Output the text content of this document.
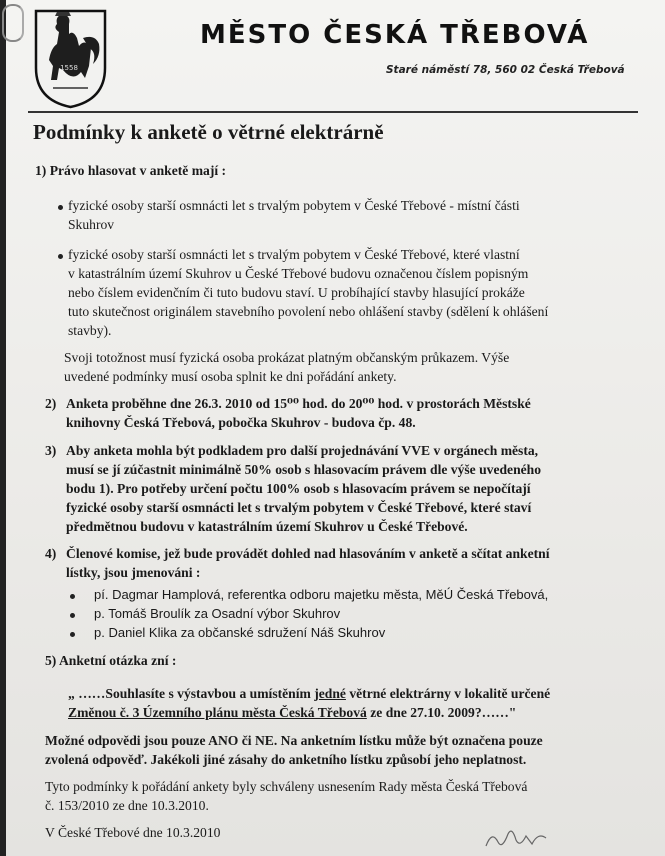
1558
MĚSTO ČESKÁ TŘEBOVÁ
Staré náměstí 78, 560 02 Česká Třebová
Podmínky k anketě o větrné elektrárně
1) Právo hlasovat v anketě mají :
fyzické osoby starší osmnácti let s trvalým pobytem v České Třebové - místní části
Skuhrov
fyzické osoby starší osmnácti let s trvalým pobytem v České Třebové, které vlastní
v katastrálním území Skuhrov u České Třebové budovu označenou číslem popisným
nebo číslem evidenčním či tuto budovu staví. U probíhající stavby hlasující prokáže
tuto skutečnost originálem stavebního povolení nebo ohlášení stavby (sdělení k ohlášení
stavby).
Svoji totožnost musí fyzická osoba prokázat platným občanským průkazem. Výše
uvedené podmínky musí osoba splnit ke dni pořádání ankety.
2) Anketa proběhne dne 26.3. 2010 od 15⁰⁰ hod. do 20⁰⁰ hod. v prostorách Městské
knihovny Česká Třebová, pobočka Skuhrov - budova čp. 48.
3) Aby anketa mohla být podkladem pro další projednávání VVE v orgánech města,
musí se jí zúčastnit minimálně 50% osob s hlasovacím právem dle výše uvedeného
bodu 1). Pro potřeby určení počtu 100% osob s hlasovacím právem se nepočítají
fyzické osoby starší osmnácti let s trvalým pobytem v České Třebové, které staví
předmětnou budovu v katastrálním území Skuhrov u České Třebové.
4) Členové komise, jež bude provádět dohled nad hlasováním v anketě a sčítat anketní
lístky, jsou jmenováni :
pí. Dagmar Hamplová, referentka odboru majetku města, MěÚ Česká Třebová,
p. Tomáš Broulík za Osadní výbor Skuhrov
p. Daniel Klika za občanské sdružení Náš Skuhrov
5) Anketní otázka zní :
„ ……Souhlasíte s výstavbou a umístěním jedné větrné elektrárny v lokalitě určené
Změnou č. 3 Územního plánu města Česká Třebová ze dne 27.10. 2009?……"
Možné odpovědi jsou pouze ANO či NE. Na anketním lístku může být označena pouze
zvolená odpověď. Jakékoli jiné zásahy do anketního lístku způsobí jeho neplatnost.
Tyto podmínky k pořádání ankety byly schváleny usnesením Rady města Česká Třebová
č. 153/2010 ze dne 10.3.2010.
V České Třebové dne 10.3.2010
